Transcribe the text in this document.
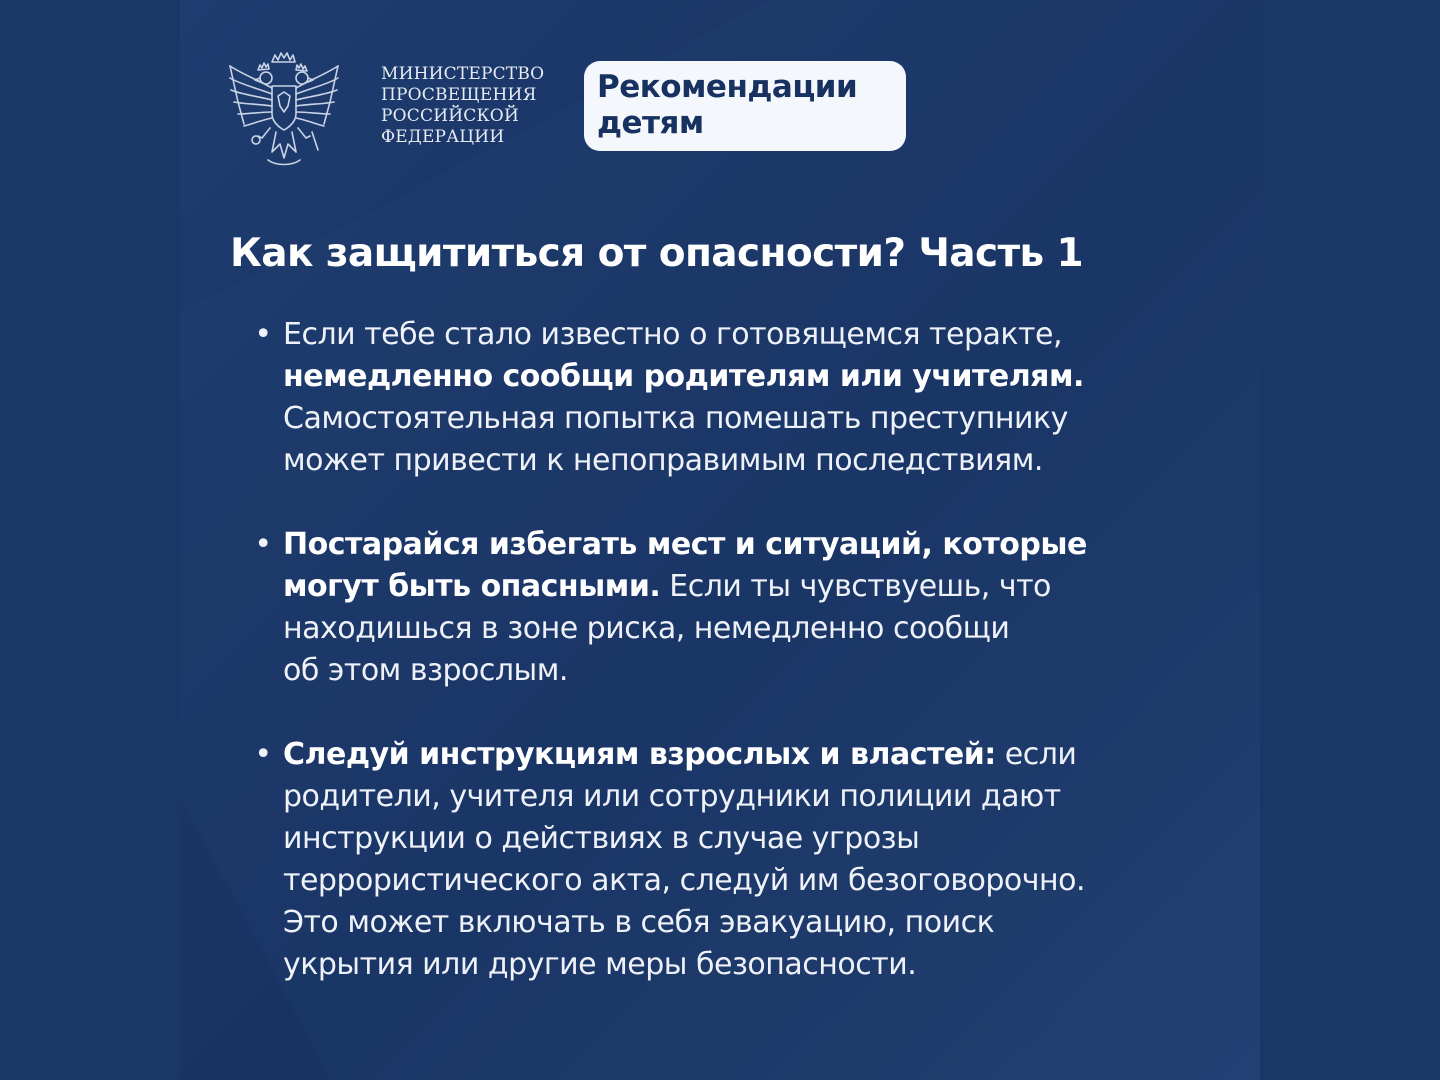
МИНИСТЕРСТВО
ПРОСВЕЩЕНИЯ
РОССИЙСКОЙ
ФЕДЕРАЦИИ
Рекомендации
детям
Как защититься от опасности? Часть 1
• Если тебе стало известно о готовящемся теракте,
немедленно сообщи родителям или учителям.
Самостоятельная попытка помешать преступнику
может привести к непоправимым последствиям.
• Постарайся избегать мест и ситуаций, которые
могут быть опасными. Если ты чувствуешь, что
находишься в зоне риска, немедленно сообщи
об этом взрослым.
• Следуй инструкциям взрослых и властей: если
родители, учителя или сотрудники полиции дают
инструкции о действиях в случае угрозы
террористического акта, следуй им безоговорочно.
Это может включать в себя эвакуацию, поиск
укрытия или другие меры безопасности.
